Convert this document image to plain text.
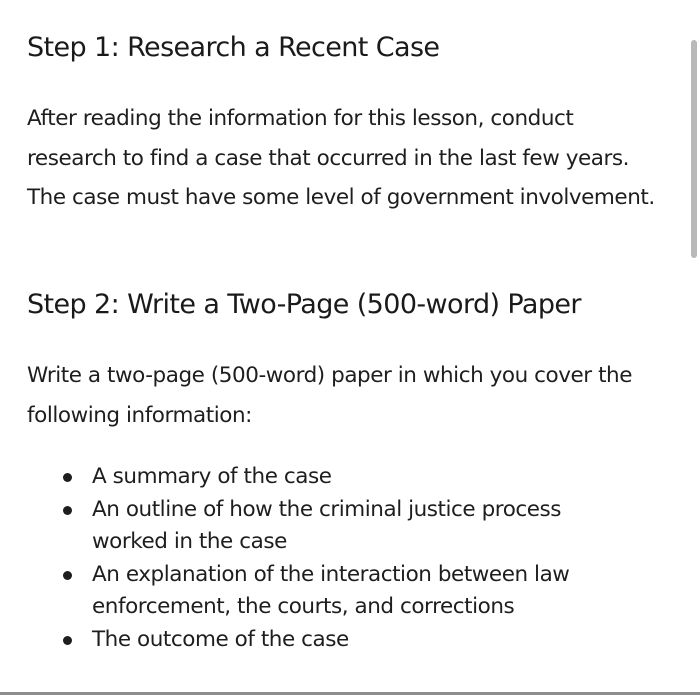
Step 1: Research a Recent Case

After reading the information for this lesson, conduct research to find a case that occurred in the last few years. The case must have some level of government involvement.

Step 2: Write a Two-Page (500-word) Paper

Write a two-page (500-word) paper in which you cover the following information:

A summary of the case
An outline of how the criminal justice process worked in the case
An explanation of the interaction between law enforcement, the courts, and corrections
The outcome of the case
